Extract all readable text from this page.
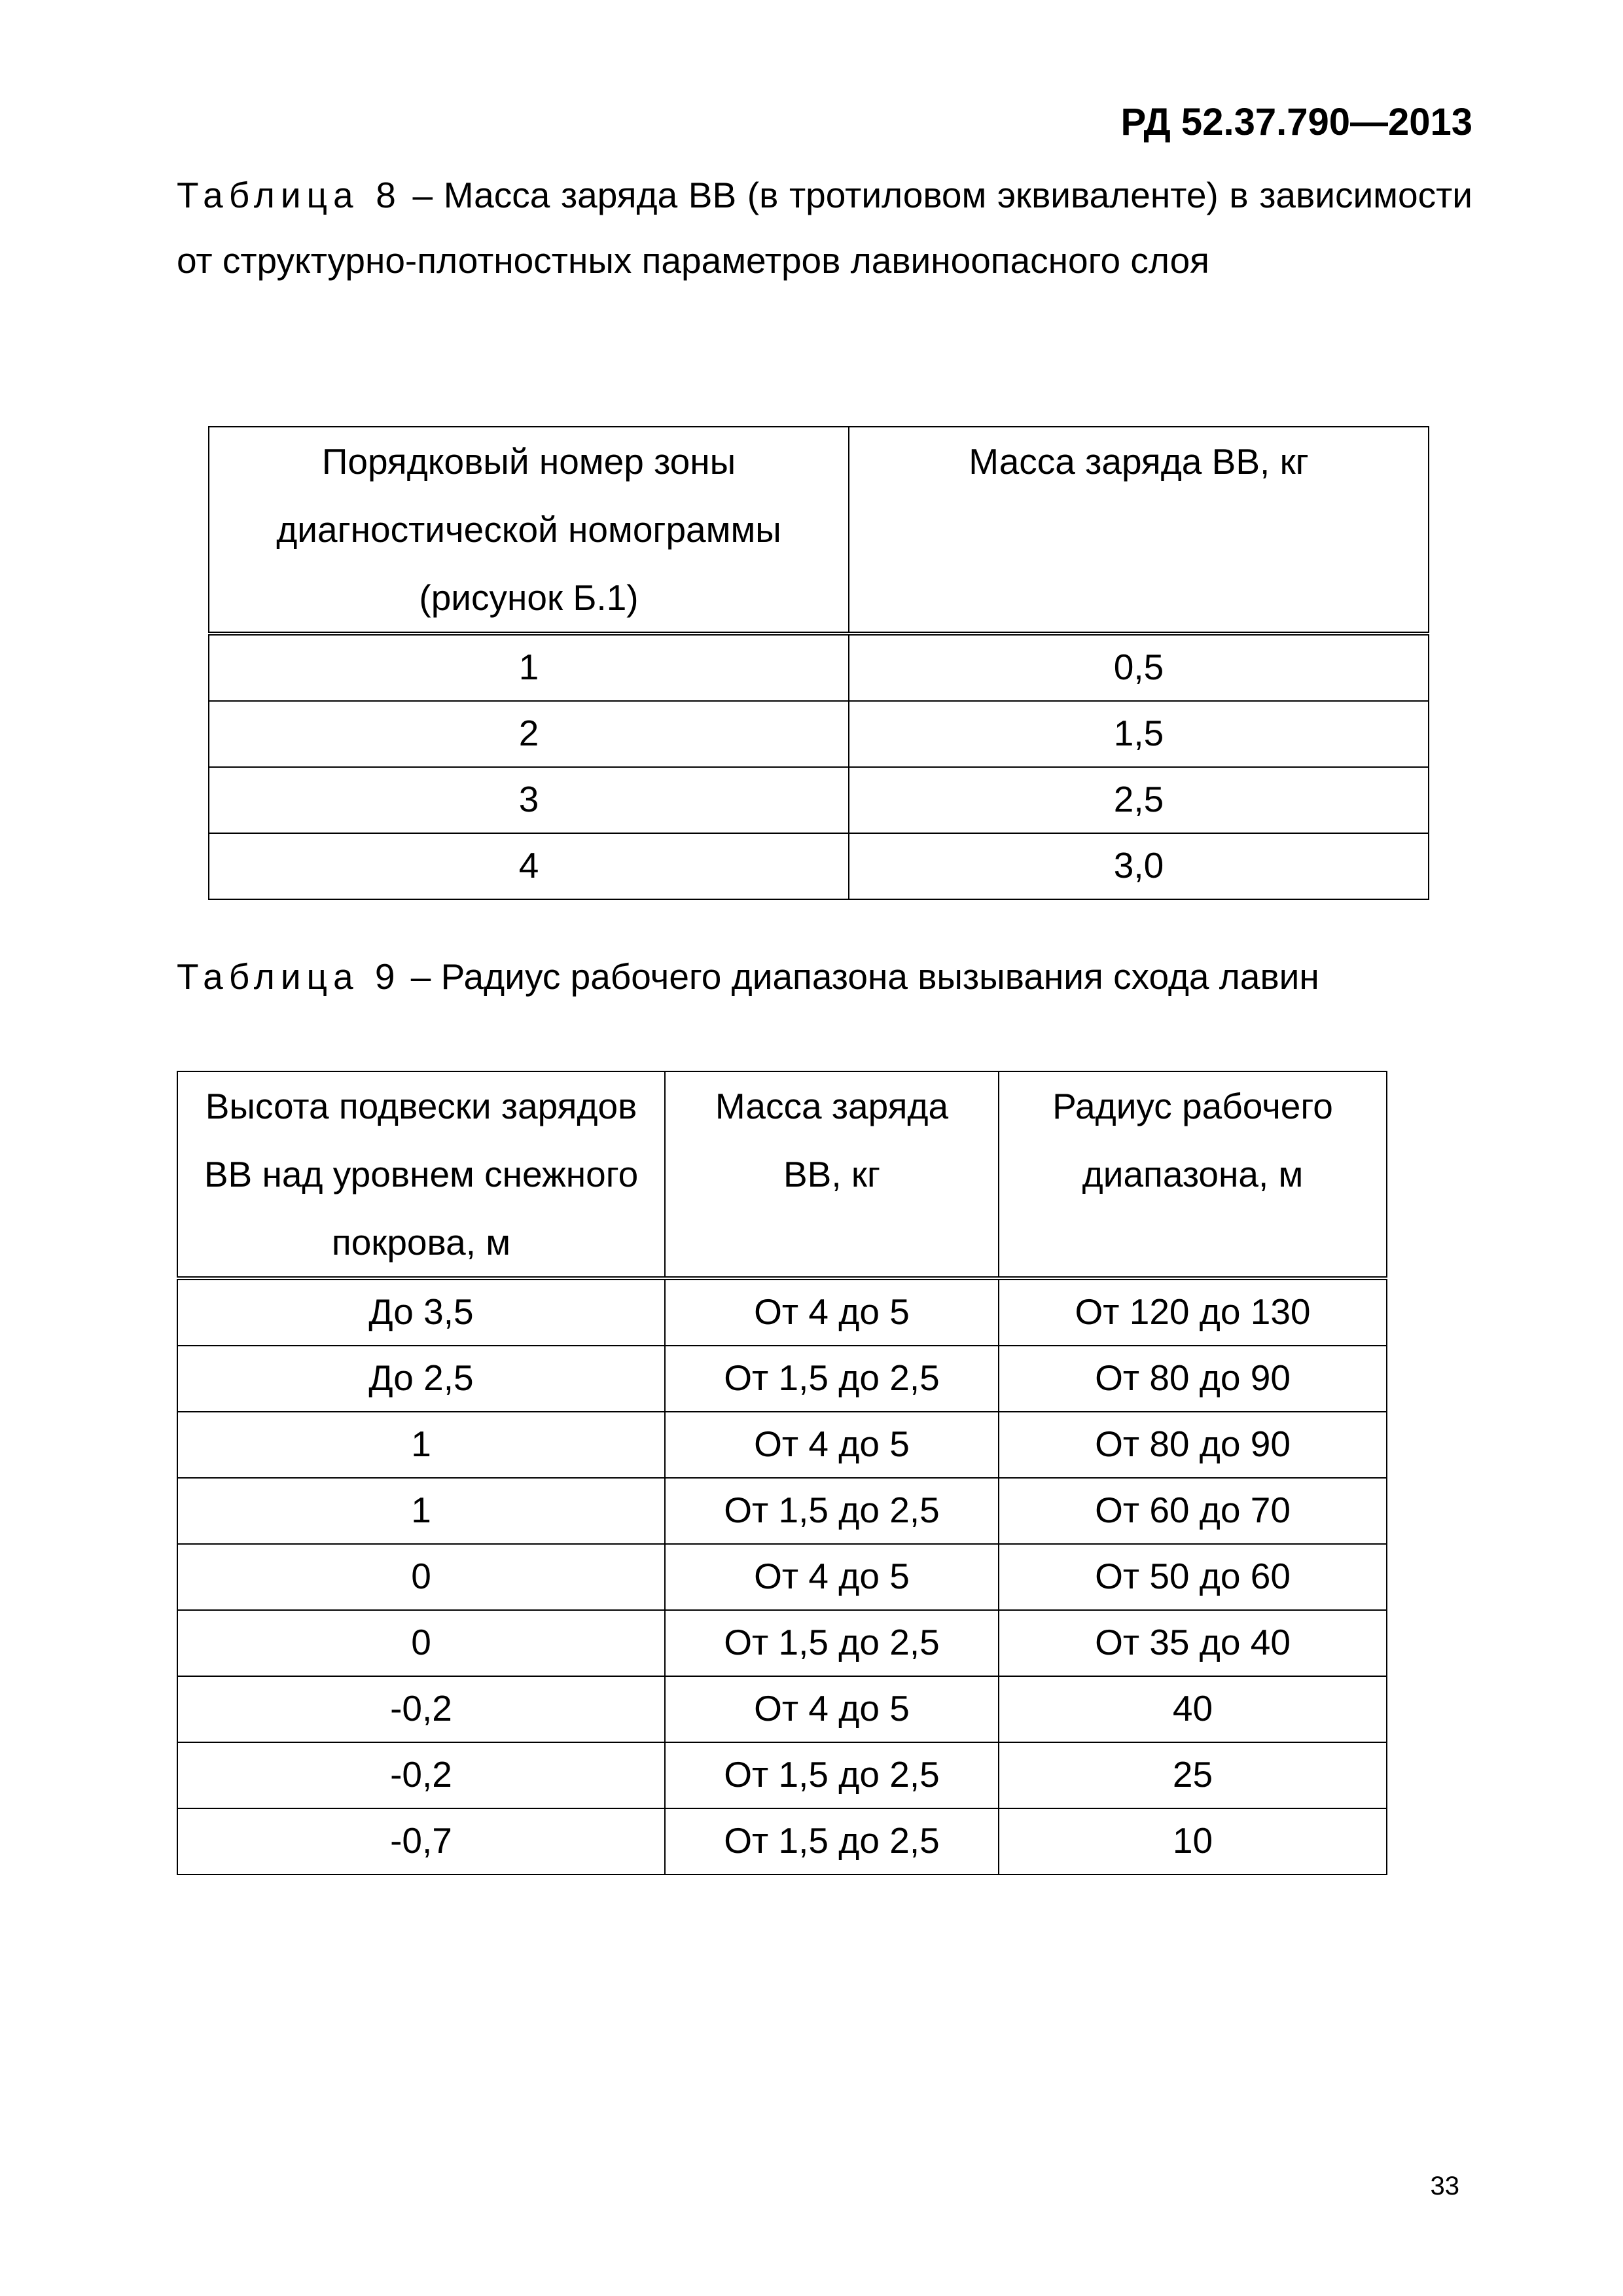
РД 52.37.790—2013

Таблица 8 – Масса заряда ВВ (в тротиловом эквиваленте) в зависимости от структурно-плотностных параметров лавиноопасного слоя

Порядковый номер зоны диагностической номограммы (рисунок Б.1)	Масса заряда ВВ, кг
1	0,5
2	1,5
3	2,5
4	3,0

Таблица 9 – Радиус рабочего диапазона вызывания схода лавин

Высота подвески зарядов ВВ над уровнем снежного покрова, м	Масса заряда ВВ, кг	Радиус рабочего диапазона, м
До 3,5	От 4 до 5	От 120 до 130
До 2,5	От 1,5 до 2,5	От 80 до 90
1	От 4 до 5	От 80 до 90
1	От 1,5 до 2,5	От 60 до 70
0	От 4 до 5	От 50 до 60
0	От 1,5 до 2,5	От 35 до 40
-0,2	От 4 до 5	40
-0,2	От 1,5 до 2,5	25
-0,7	От 1,5 до 2,5	10

33
